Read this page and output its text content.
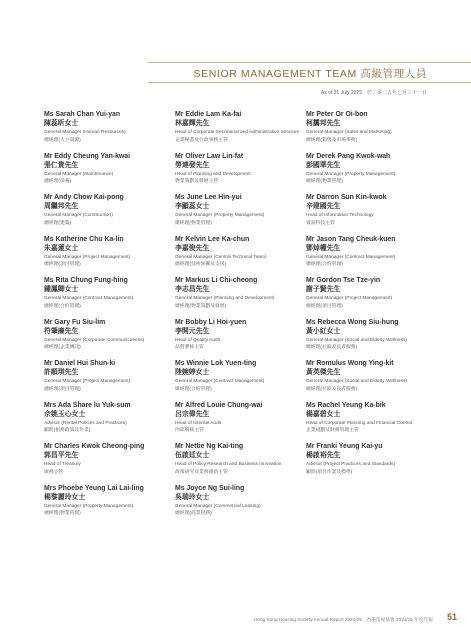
SENIOR MANAGEMENT TEAM 高級管理人員
As of 31 July 2025　於二零二五年七月三十一日
Ms Sarah Chan Yui-yan
陳蕊昕女士
General Manager (Human Resources)
總經理(人力資源)
Mr Eddy Cheung Yan-kwai
張仁貴先生
General Manager (Maintenance)
總經理(保養)
Mr Andy Chow Kai-pong
周繼邦先生
General Manager (Construction)
總經理(建築)
Ms Katherine Chu Ka-lin
朱嘉蓮女士
General Manager (Project Management)
總經理(項目管理)
Ms Rita Chung Fung-hing
鍾鳳卿女士
General Manager (Contract Management)
總經理(合約管理)
Mr Gary Fu Siu-lim
符肇廉先生
General Manager (Corporate Communications)
總經理(企業傳訊)
Mr Daniel Hui Shun-ki
許順琪先生
General Manager (Project Management)
總經理(項目管理)
Mrs Ada Share lu Yuk-sum
佘姚玉心女士
Advisor (Rental Policies and Practices)
顧問(租務政策及作業)
Mr Charles Kwok Cheong-ping
郭昌平先生
Head of Treasury
庫務主管
Mrs Phoebe Yeung Lai Lai-ling
楊黎麗玲女士
General Manager (Property Management)
總經理(物業管理)
Mr Eddie Lam Ka-fai
林嘉輝先生
Head of Corporate Secretarial and Administrative Services
企業秘書及行政事務主管
Mr Oliver Law Lin-fat
勞連發先生
Head of Planning and Development
物業策劃及發展主管
Ms June Lee Hin-yui
李顯蕊女士
General Manager (Property Management)
總經理(物業管理)
Mr Kelvin Lee Ka-chun
李嘉俊先生
General Manager (Central Technical Team)
總經理(技術統籌及支援)
Mr Markus Li Chi-cheong
李志昌先生
General Manager (Planning and Development)
總經理(物業策劃及發展)
Mr Bobby Li Hoi-yuen
李開元先生
Head of Quality Audit
品質審核主管
Ms Winnie Lok Yuen-ting
陸婉婷女士
General Manager (Contract Management)
總經理(合約管理)
Mr Alfred Louie Chung-wai
呂宗偉先生
Head of Internal Audit
內部稽核主管
Mr Nettie Ng Kai-ting
伍啟廷女士
Head of Policy Research and Business Innovation
政策研究及業務創新主管
Ms Joyce Ng Sui-ling
吳瑞玲女士
General Manager (Commercial Leasing)
總經理(商業租務)
Mr Peter Or Oi-bon
柯靄邦先生
General Manager (Sales and Marketing)
總經理(銷售及市場事務)
Mr Derek Pang Kwok-wah
彭國華先生
General Manager (Property Management)
總經理(物業管理)
Mr Darron Sun Kin-kwok
辛建國先生
Head of Information Technology
資訊科技主管
Mr Jason Tang Cheuk-kuen
鄧焯權先生
General Manager (Contract Management)
總經理(合約管理)
Mr Gordon Tse Tze-yin
謝子賢先生
General Manager (Project Management)
總經理(項目管理)
Ms Rebecca Wong Siu-hung
黃小紅女士
General Manager (Social and Elderly Wellness)
總經理(社區及長者服務)
Mr Romulus Wong Ying-kit
黃英傑先生
General Manager (Social and Elderly Wellness)
總經理(社區及長者服務)
Ms Rachel Yeung Ka-bik
楊嘉碧女士
Head of Corporate Planning and Financial Control
企業規劃及財務管理主管
Mr Franki Yeung Kai-yu
楊啟裕先生
Advisor (Project Practices and Standards)
顧問(項目作業及標準)
Hong Kong Housing Society Annual Report 2024/25　香港房屋協會 2024/25 年度年報 51
